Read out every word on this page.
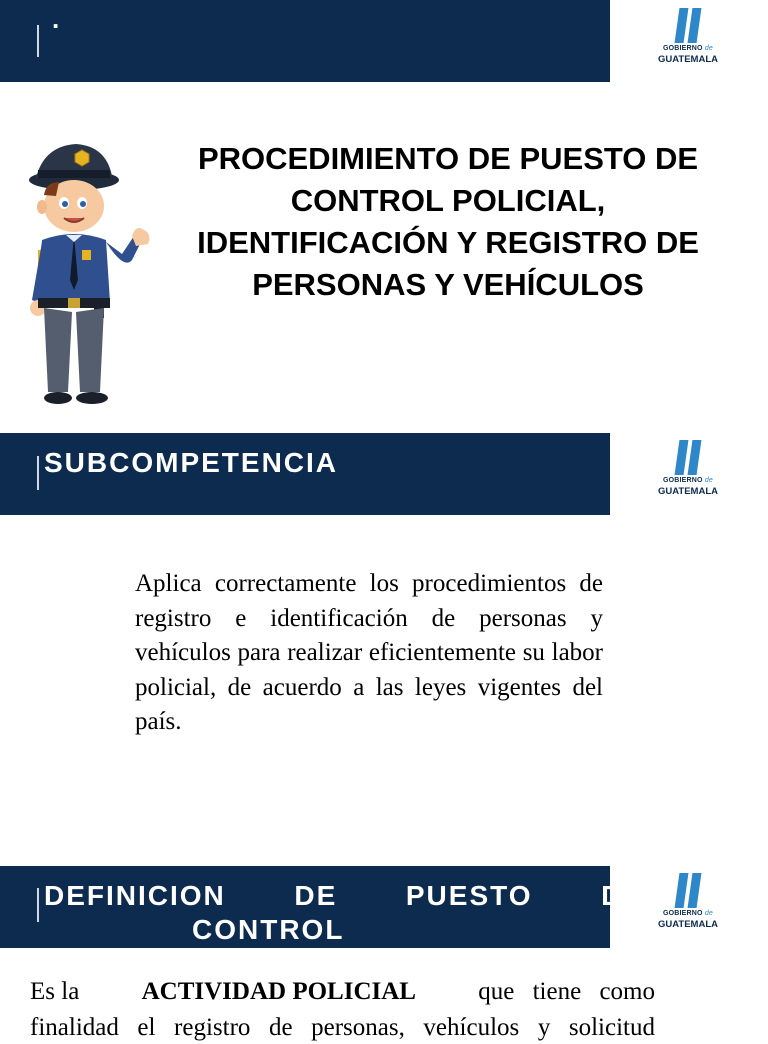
.
GOBIERNO de
GUATEMALA
PROCEDIMIENTO DE PUESTO DE
CONTROL POLICIAL,
IDENTIFICACIÓN Y REGISTRO DE
PERSONAS Y VEHÍCULOS
SUBCOMPETENCIA
GOBIERNO de
GUATEMALA
Aplica correctamente los procedimientos de registro e identificación de personas y vehículos para realizar eficientemente su labor policial, de acuerdo a las leyes vigentes del país.
DEFINICION DE PUESTO DE
CONTROL
GOBIERNO de
GUATEMALA
Es la ACTIVIDAD POLICIAL que tiene como
finalidad el registro de personas, vehículos y solicitud
